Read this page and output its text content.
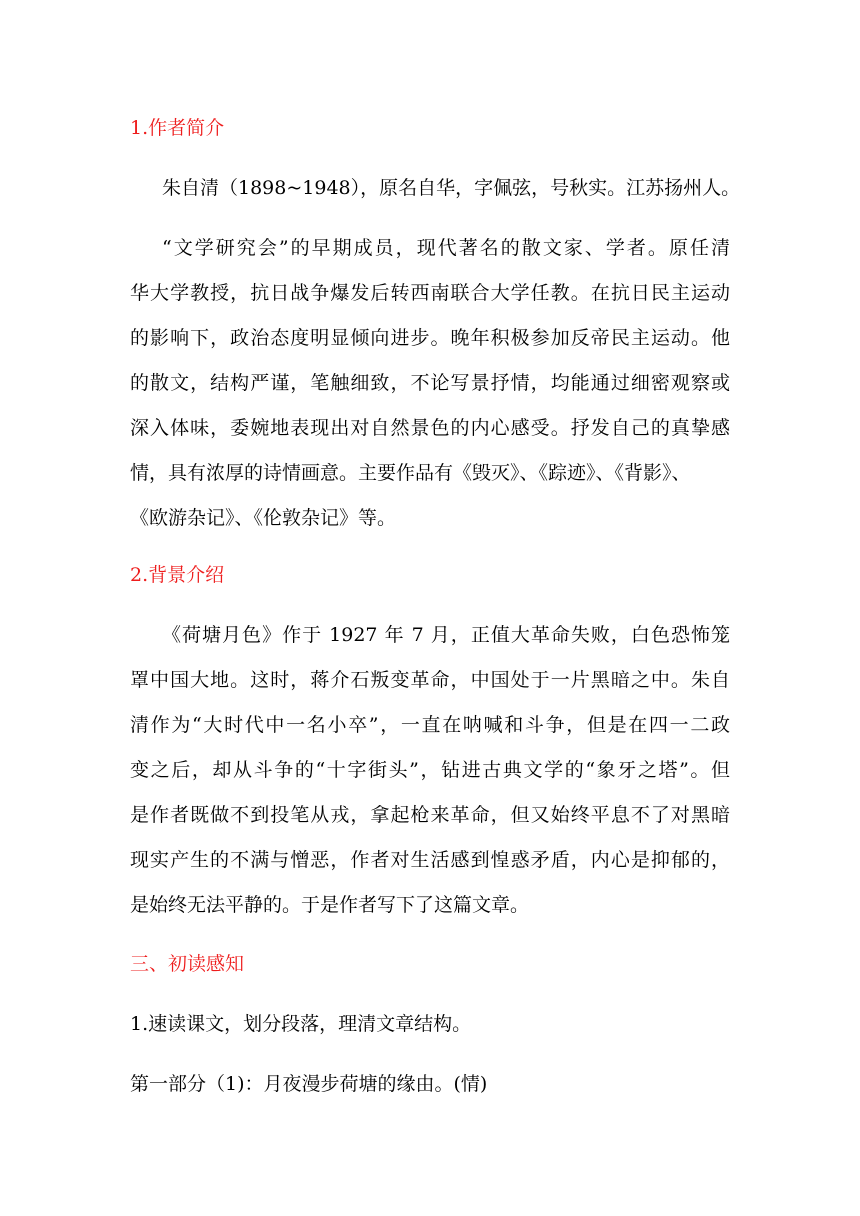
1.作者简介
朱自清（1898~1948），原名自华，字佩弦，号秋实。江苏扬州人。
“文学研究会”的早期成员，现代著名的散文家、学者。原任清
华大学教授，抗日战争爆发后转西南联合大学任教。在抗日民主运动
的影响下，政治态度明显倾向进步。晚年积极参加反帝民主运动。他
的散文，结构严谨，笔触细致，不论写景抒情，均能通过细密观察或
深入体味，委婉地表现出对自然景色的内心感受。抒发自己的真挚感
情，具有浓厚的诗情画意。主要作品有《毁灭》、《踪迹》、《背影》、
《欧游杂记》、《伦敦杂记》等。
2.背景介绍
《荷塘月色》作于 1927 年 7 月，正值大革命失败，白色恐怖笼
罩中国大地。这时，蒋介石叛变革命，中国处于一片黑暗之中。朱自
清作为“大时代中一名小卒”，一直在呐喊和斗争，但是在四一二政
变之后，却从斗争的“十字街头”，钻进古典文学的“象牙之塔”。但
是作者既做不到投笔从戎，拿起枪来革命，但又始终平息不了对黑暗
现实产生的不满与憎恶，作者对生活感到惶惑矛盾，内心是抑郁的，
是始终无法平静的。于是作者写下了这篇文章。
三、初读感知
1.速读课文，划分段落，理清文章结构。
第一部分（1)：月夜漫步荷塘的缘由。(情)
